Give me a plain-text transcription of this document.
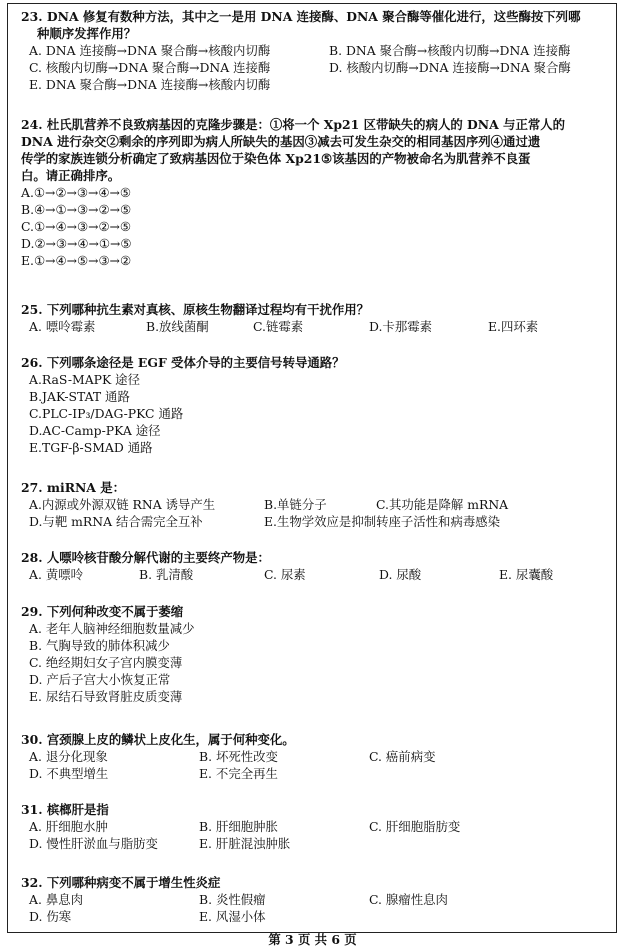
23. DNA 修复有数种方法，其中之一是用 DNA 连接酶、DNA 聚合酶等催化进行，这些酶按下列哪
种顺序发挥作用？
A. DNA 连接酶→DNA 聚合酶→核酸内切酶	B. DNA 聚合酶→核酸内切酶→DNA 连接酶
C. 核酸内切酶→DNA 聚合酶→DNA 连接酶	D. 核酸内切酶→DNA 连接酶→DNA 聚合酶
E. DNA 聚合酶→DNA 连接酶→核酸内切酶
24. 杜氏肌营养不良致病基因的克隆步骤是：①将一个 Xp21 区带缺失的病人的 DNA 与正常人的
DNA 进行杂交②剩余的序列即为病人所缺失的基因③减去可发生杂交的相同基因序列④通过遗
传学的家族连锁分析确定了致病基因位于染色体 Xp21⑤该基因的产物被命名为肌营养不良蛋
白。请正确排序。
A.①→②→③→④→⑤
B.④→①→③→②→⑤
C.①→④→③→②→⑤
D.②→③→④→①→⑤
E.①→④→⑤→③→②
25. 下列哪种抗生素对真核、原核生物翻译过程均有干扰作用？
A. 嘌呤霉素	B.放线菌酮	C.链霉素	D.卡那霉素	E.四环素
26. 下列哪条途径是 EGF 受体介导的主要信号转导通路？
A.RaS-MAPK 途径
B.JAK-STAT 通路
C.PLC-IP₃/DAG-PKC 通路
D.AC-Camp-PKA 途径
E.TGF-β-SMAD 通路
27. miRNA 是：
A.内源或外源双链 RNA 诱导产生	B.单链分子	C.其功能是降解 mRNA
D.与靶 mRNA 结合需完全互补	E.生物学效应是抑制转座子活性和病毒感染
28. 人嘌呤核苷酸分解代谢的主要终产物是：
A. 黄嘌呤	B. 乳清酸	C. 尿素	D. 尿酸	E. 尿囊酸
29. 下列何种改变不属于萎缩
A. 老年人脑神经细胞数量减少
B. 气胸导致的肺体积减少
C. 绝经期妇女子宫内膜变薄
D. 产后子宫大小恢复正常
E. 尿结石导致肾脏皮质变薄
30. 宫颈腺上皮的鳞状上皮化生，属于何种变化。
A. 退分化现象	B. 坏死性改变	C. 癌前病变
D. 不典型增生	E. 不完全再生
31. 槟榔肝是指
A. 肝细胞水肿	B. 肝细胞肿胀	C. 肝细胞脂肪变
D. 慢性肝淤血与脂肪变	E. 肝脏混浊肿胀
32. 下列哪种病变不属于增生性炎症
A. 鼻息肉	B. 炎性假瘤	C. 腺瘤性息肉
D. 伤寒	E. 风湿小体
第 3 页 共 6 页
